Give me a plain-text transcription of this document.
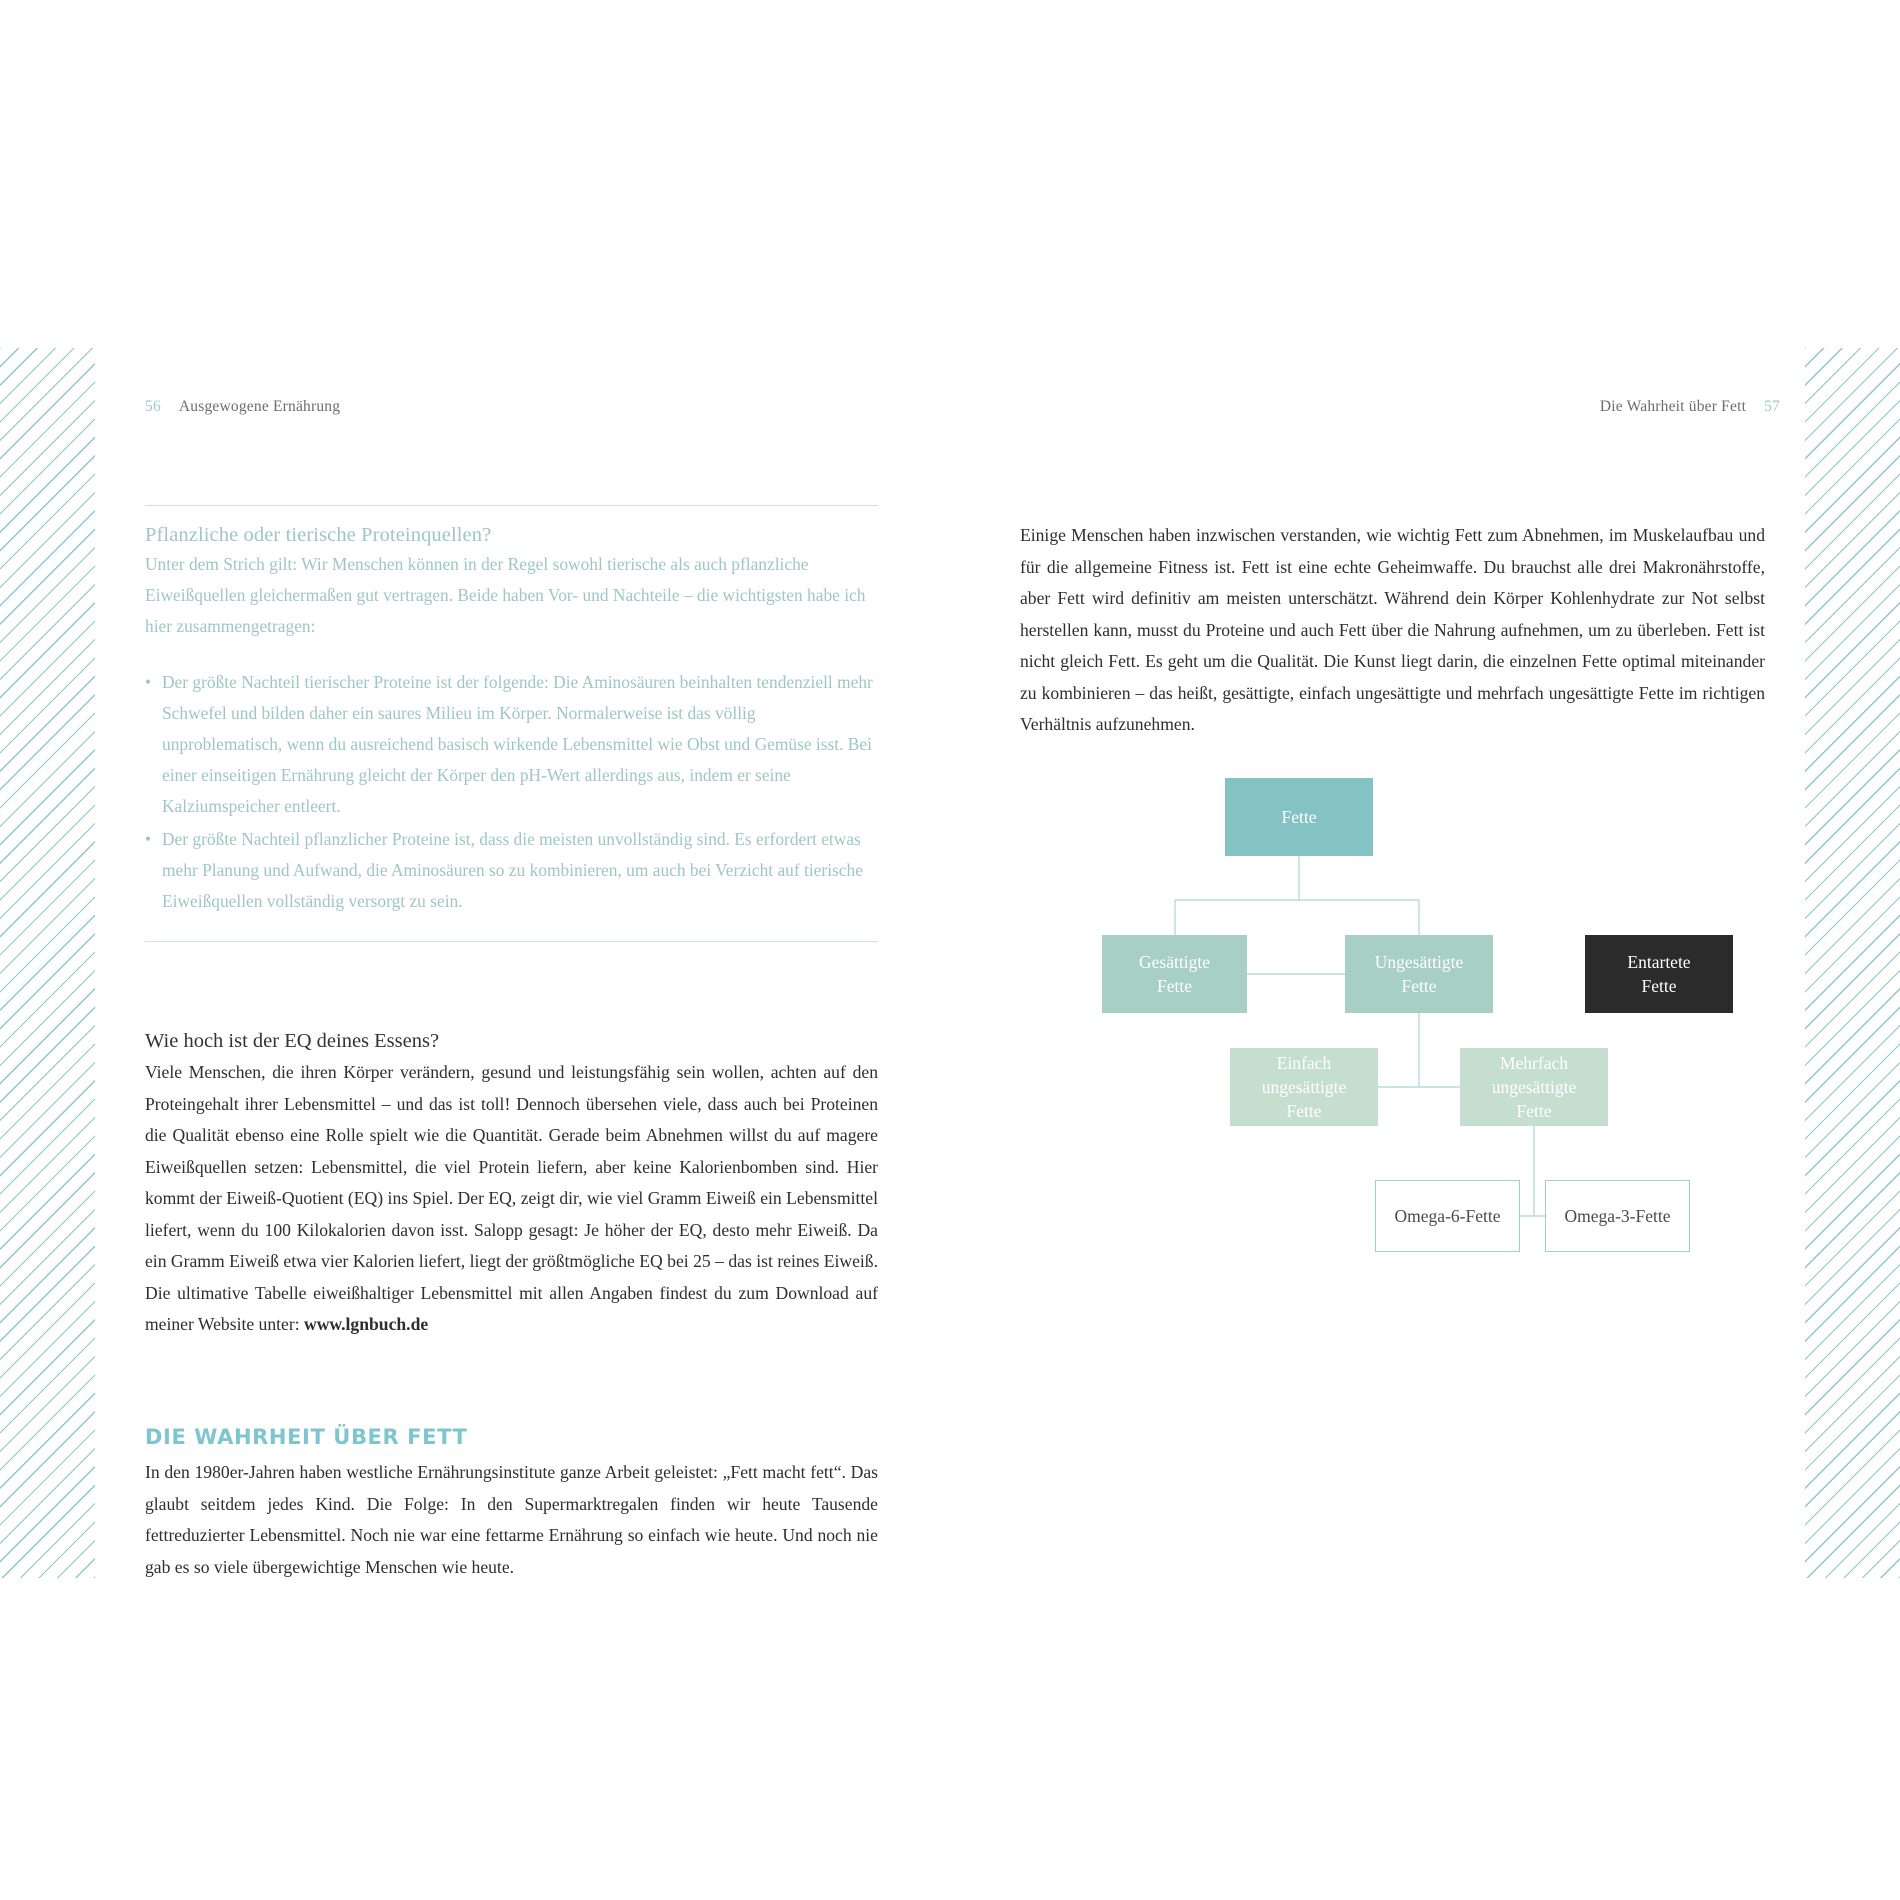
56 Ausgewogene Ernährung
Pflanzliche oder tierische Proteinquellen?

Unter dem Strich gilt: Wir Menschen können in der Regel sowohl tierische als auch pflanzliche Eiweißquellen gleichermaßen gut vertragen. Beide haben Vor- und Nachteile – die wichtigsten habe ich hier zusammengetragen:

• Der größte Nachteil tierischer Proteine ist der folgende: Die Aminosäuren beinhalten tendenziell mehr Schwefel und bilden daher ein saures Milieu im Körper. Normalerweise ist das völlig unproblematisch, wenn du ausreichend basisch wirkende Lebensmittel wie Obst und Gemüse isst. Bei einer einseitigen Ernährung gleicht der Körper den pH-Wert allerdings aus, indem er seine Kalziumspeicher entleert.
• Der größte Nachteil pflanzlicher Proteine ist, dass die meisten unvollständig sind. Es erfordert etwas mehr Planung und Aufwand, die Aminosäuren so zu kombinieren, um auch bei Verzicht auf tierische Eiweißquellen vollständig versorgt zu sein.
Wie hoch ist der EQ deines Essens?

Viele Menschen, die ihren Körper verändern, gesund und leistungsfähig sein wollen, achten auf den Proteingehalt ihrer Lebensmittel – und das ist toll! Dennoch übersehen viele, dass auch bei Proteinen die Qualität ebenso eine Rolle spielt wie die Quantität. Gerade beim Abnehmen willst du auf magere Eiweißquellen setzen: Lebensmittel, die viel Protein liefern, aber keine Kalorienbomben sind. Hier kommt der Eiweiß-Quotient (EQ) ins Spiel. Der EQ, zeigt dir, wie viel Gramm Eiweiß ein Lebensmittel liefert, wenn du 100 Kilokalorien davon isst. Salopp gesagt: Je höher der EQ, desto mehr Eiweiß. Da ein Gramm Eiweiß etwa vier Kalorien liefert, liegt der größtmögliche EQ bei 25 – das ist reines Eiweiß. Die ultimative Tabelle eiweißhaltiger Lebensmittel mit allen Angaben findest du zum Download auf meiner Website unter: www.lgnbuch.de

DIE WAHRHEIT ÜBER FETT

In den 1980er-Jahren haben westliche Ernährungsinstitute ganze Arbeit geleistet: „Fett macht fett“. Das glaubt seitdem jedes Kind. Die Folge: In den Supermarktregalen finden wir heute Tausende fettreduzierter Lebensmittel. Noch nie war eine fettarme Ernährung so einfach wie heute. Und noch nie gab es so viele übergewichtige Menschen wie heute.

Die Wahrheit über Fett 57

Einige Menschen haben inzwischen verstanden, wie wichtig Fett zum Abnehmen, im Muskelaufbau und für die allgemeine Fitness ist. Fett ist eine echte Geheimwaffe. Du brauchst alle drei Makronährstoffe, aber Fett wird definitiv am meisten unterschätzt. Während dein Körper Kohlenhydrate zur Not selbst herstellen kann, musst du Proteine und auch Fett über die Nahrung aufnehmen, um zu überleben. Fett ist nicht gleich Fett. Es geht um die Qualität. Die Kunst liegt darin, die einzelnen Fette optimal miteinander zu kombinieren – das heißt, gesättigte, einfach ungesättigte und mehrfach ungesättigte Fette im richtigen Verhältnis aufzunehmen.

Fette
Gesättigte
Fette
Ungesättigte
Fette
Entartete
Fette
Einfach
ungesättigte
Fette
Mehrfach
ungesättigte
Fette
Omega-6-Fette	Omega-3-Fette
